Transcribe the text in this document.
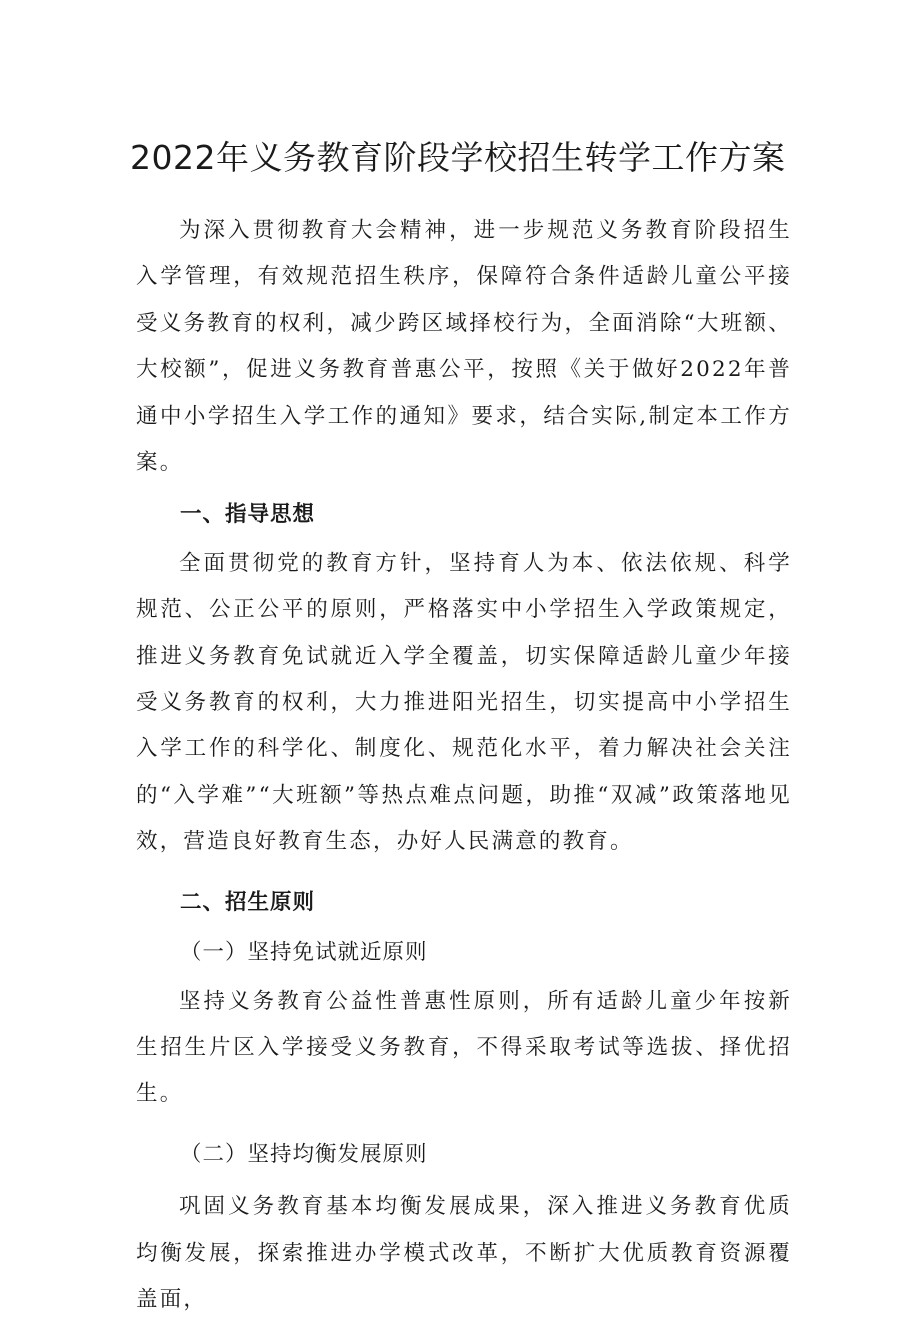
2022年义务教育阶段学校招生转学工作方案

为深入贯彻教育大会精神，进一步规范义务教育阶段招生入学管理，有效规范招生秩序，保障符合条件适龄儿童公平接受义务教育的权利，减少跨区域择校行为，全面消除“大班额、大校额”，促进义务教育普惠公平，按照《关于做好2022年普通中小学招生入学工作的通知》要求，结合实际,制定本工作方案。

一、指导思想

全面贯彻党的教育方针，坚持育人为本、依法依规、科学规范、公正公平的原则，严格落实中小学招生入学政策规定，推进义务教育免试就近入学全覆盖，切实保障适龄儿童少年接受义务教育的权利，大力推进阳光招生，切实提高中小学招生入学工作的科学化、制度化、规范化水平，着力解决社会关注的“入学难”“大班额”等热点难点问题，助推“双减”政策落地见效，营造良好教育生态，办好人民满意的教育。

二、招生原则

（一）坚持免试就近原则

坚持义务教育公益性普惠性原则，所有适龄儿童少年按新生招生片区入学接受义务教育，不得采取考试等选拔、择优招生。

（二）坚持均衡发展原则

巩固义务教育基本均衡发展成果，深入推进义务教育优质均衡发展，探索推进办学模式改革，不断扩大优质教育资源覆盖面，
